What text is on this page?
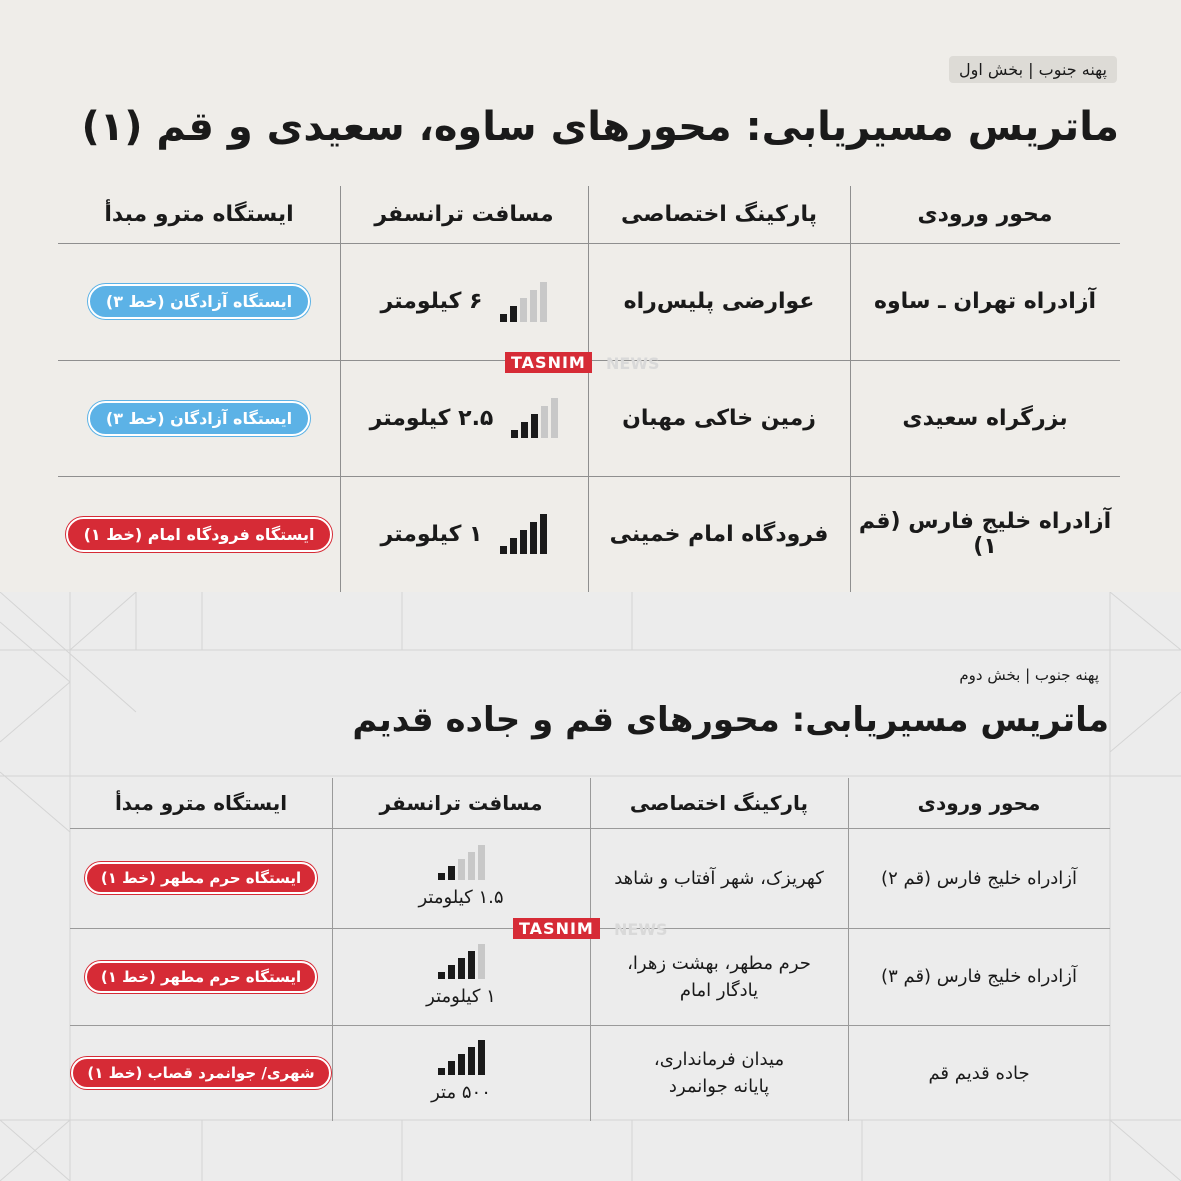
پهنه جنوب | بخش اول
ماتریس مسیریابی: محورهای ساوه، سعیدی و قم (۱)
محور ورودی
پارکینگ اختصاصی
مسافت ترانسفر
ایستگاه مترو مبدأ
آزادراه تهران ـ ساوه
عوارضی پلیس‌راه
۶ کیلومتر
ایستگاه آزادگان (خط ۳)
بزرگراه سعیدی
زمین خاکی مهبان
۲.۵ کیلومتر
ایستگاه آزادگان (خط ۳)
آزادراه خلیج فارس (قم ۱)
فرودگاه امام خمینی
۱ کیلومتر
ایستگاه فرودگاه امام (خط ۱)
TASNIM	NEWS
پهنه جنوب | بخش دوم
ماتریس مسیریابی: محورهای قم و جاده قدیم
محور ورودی
پارکینگ اختصاصی
مسافت ترانسفر
ایستگاه مترو مبدأ
آزادراه خلیج فارس (قم ۲)
کهریزک، شهر آفتاب و شاهد
۱.۵ کیلومتر
ایستگاه حرم مطهر (خط ۱)
آزادراه خلیج فارس (قم ۳)
حرم مطهر، بهشت زهرا،
یادگار امام
۱ کیلومتر
ایستگاه حرم مطهر (خط ۱)
جاده قدیم قم
میدان فرمانداری،
پایانه جوانمرد
۵۰۰ متر
شهری/ جوانمرد قصاب (خط ۱)
TASNIM	NEWS
